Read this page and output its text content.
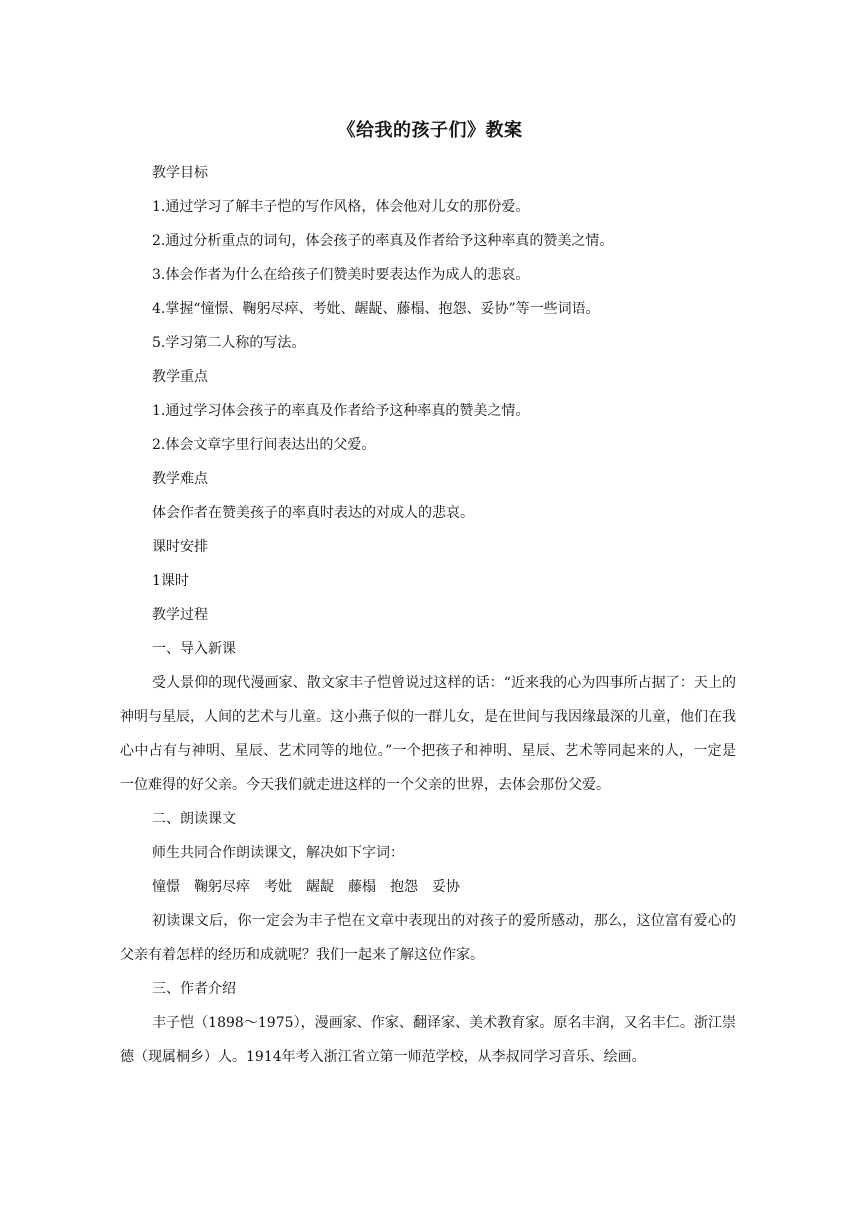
《给我的孩子们》教案
教学目标
1.通过学习了解丰子恺的写作风格，体会他对儿女的那份爱。
2.通过分析重点的词句，体会孩子的率真及作者给予这种率真的赞美之情。
3.体会作者为什么在给孩子们赞美时要表达作为成人的悲哀。
4.掌握“憧憬、鞠躬尽瘁、考妣、龌龊、藤榻、抱怨、妥协”等一些词语。
5.学习第二人称的写法。
教学重点
1.通过学习体会孩子的率真及作者给予这种率真的赞美之情。
2.体会文章字里行间表达出的父爱。
教学难点
体会作者在赞美孩子的率真时表达的对成人的悲哀。
课时安排
1课时
教学过程
一、导入新课
受人景仰的现代漫画家、散文家丰子恺曾说过这样的话：“近来我的心为四事所占据了：天上的神明与星辰，人间的艺术与儿童。这小燕子似的一群儿女，是在世间与我因缘最深的儿童，他们在我心中占有与神明、星辰、艺术同等的地位。”一个把孩子和神明、星辰、艺术等同起来的人，一定是一位难得的好父亲。今天我们就走进这样的一个父亲的世界，去体会那份父爱。
二、朗读课文
师生共同合作朗读课文，解决如下字词：
憧憬　鞠躬尽瘁　考妣　龌龊　藤榻　抱怨　妥协
初读课文后，你一定会为丰子恺在文章中表现出的对孩子的爱所感动，那么，这位富有爱心的父亲有着怎样的经历和成就呢？我们一起来了解这位作家。
三、作者介绍
丰子恺（1898～1975），漫画家、作家、翻译家、美术教育家。原名丰润，又名丰仁。浙江崇德（现属桐乡）人。1914年考入浙江省立第一师范学校，从李叔同学习音乐、绘画。
